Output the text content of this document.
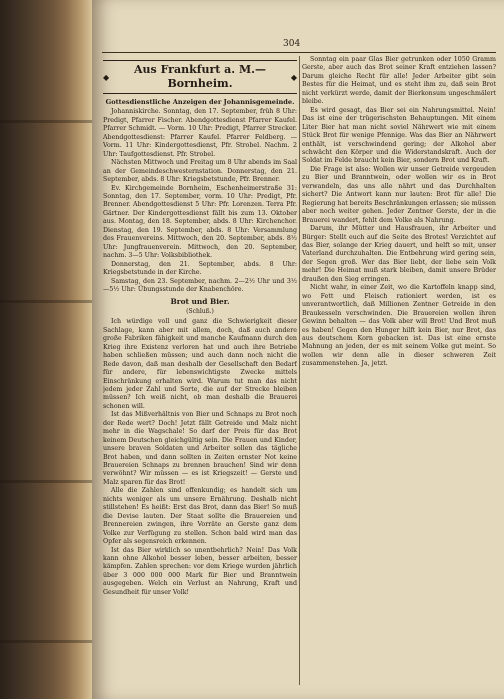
304
◆
Aus Frankfurt a. M.—Bornheim.	◆
Gottesdienstliche Anzeigen der Johannisgemeinde.

Johanniskirche. Sonntag, den 17. September, früh 8 Uhr: Predigt, Pfarrer Fischer. Abendgottesdienst Pfarrer Kaufel. Pfarrer Schmidt. — Vorm. 10 Uhr: Predigt, Pfarrer Strecker. Abendgottesdienst: Pfarrer Kaufel. Pfarrer Feldberg. — Vorm. 11 Uhr: Kindergottesdienst, Pfr. Strobel. Nachm. 2 Uhr: Taufgottesdienst. Pfr. Strobel.

Nächsten Mittwoch und Freitag um 8 Uhr abends im Saal an der Gemeindeschwesternstation. Donnerstag, den 21. September, abds. 8 Uhr: Kriegsbetstunde, Pfr. Brenner.

Ev. Kirchgemeinde Bornheim, Eschenheimerstraße 31: Sonntag, den 17. September, vorm. 10 Uhr: Predigt, Pfr. Brenner. Abendgottesdienst 5 Uhr: Pfr. Lorenzen. Terra Pfr. Gärtner. Der Kindergottesdienst fällt bis zum 13. Oktober aus. Montag, den 18. September, abds. 8 Uhr: Kirchenchor. Dienstag, den 19. September, abds. 8 Uhr: Versammlung des Frauenvereins. Mittwoch, den 20. September, abds. 8½ Uhr: Jungfrauenverein. Mittwoch, den 20. September, nachm. 3—5 Uhr: Volksbibliothek.

Donnerstag, den 21. September, abds. 8 Uhr: Kriegsbetstunde in der Kirche.

Samstag, den 23. September, nachm. 2—2½ Uhr und 3½—5½ Uhr: Übungsstunde der Knabenchöre.

Brot und Bier.
(Schluß.)

Ich würdige voll und ganz die Schwierigkeit dieser Sachlage, kann aber mit allem, doch, daß auch andere große Fabriken fähigkeit und manche Kaufmann durch den Krieg ihre Existenz verloren hat und auch ihre Betriebe haben schließen müssen; und auch dann noch nicht die Rede davon, daß man deshalb der Gesellschaft den Bedarf für andere, für lebenswichtigste Zwecke mittels Einschränkung erhalten wird. Warum tut man das nicht jedem jeder Zahl und Sorte, die auf der Strecke bleiben müssen? Ich weiß nicht, ob man deshalb die Brauerei schonen will.

Ist das Mißverhältnis von Bier und Schnaps zu Brot noch der Rede wert? Doch! Jetzt fällt Getreide und Malz nicht mehr in die Wagschale! So darf der Preis für das Brot keinem Deutschen gleichgültig sein. Die Frauen und Kinder, unsere braven Soldaten und Arbeiter sollen das tägliche Brot haben, und dann sollten in Zeiten ernster Not keine Brauereien Schnaps zu brennen brauchen! Sind wir denn verwöhnt? Wir müssen — es ist Kriegszeit! — Gerste und Malz sparen für das Brot!

Alle die Zahlen sind offenkundig; es handelt sich um nichts weniger als um unsere Ernährung. Deshalb nicht stillstehen! Es heißt: Erst das Brot, dann das Bier! So muß die Devise lauten. Der Staat sollte die Brauereien und Brennereien zwingen, ihre Vorräte an Gerste ganz dem Volke zur Verfügung zu stellen. Schon bald wird man das Opfer als segensreich erkennen.

Ist das Bier wirklich so unentbehrlich? Nein! Das Volk kann ohne Alkohol besser leben, besser arbeiten, besser kämpfen. Zahlen sprechen: vor dem Kriege wurden jährlich über 3 000 000 000 Mark für Bier und Branntwein ausgegeben. Welch ein Verlust an Nahrung, Kraft und Gesundheit für unser Volk!

Sonntag ein paar Glas Bier getrunken oder 1050 Gramm Gerste, aber auch das Brot seiner Kraft entziehen lassen? Darum gleiche Recht für alle! Jeder Arbeiter gibt sein Bestes für die Heimat, und es steht ihm zu, daß sein Brot nicht verkürzt werde, damit der Bierkonsum ungeschmälert bleibe.

Es wird gesagt, das Bier sei ein Nahrungsmittel. Nein! Das ist eine der trügerischsten Behauptungen. Mit einem Liter Bier hat man nicht soviel Nährwert wie mit einem Stück Brot für wenige Pfennige. Was das Bier an Nährwert enthält, ist verschwindend gering; der Alkohol aber schwächt den Körper und die Widerstandskraft. Auch der Soldat im Felde braucht kein Bier, sondern Brot und Kraft.

Die Frage ist also: Wollen wir unser Getreide vergeuden zu Bier und Branntwein, oder wollen wir es in Brot verwandeln, das uns alle nährt und das Durchhalten sichert? Die Antwort kann nur lauten: Brot für alle! Die Regierung hat bereits Beschränkungen erlassen; sie müssen aber noch weiter gehen. Jeder Zentner Gerste, der in die Brauerei wandert, fehlt dem Volke als Nahrung.

Darum, ihr Mütter und Hausfrauen, ihr Arbeiter und Bürger: Stellt euch auf die Seite des Brotes! Verzichtet auf das Bier, solange der Krieg dauert, und helft so mit, unser Vaterland durchzuhalten. Die Entbehrung wird gering sein, der Segen groß. Wer das Bier liebt, der liebe sein Volk mehr! Die Heimat muß stark bleiben, damit unsere Brüder draußen den Sieg erringen.

Nicht wahr, in einer Zeit, wo die Kartoffeln knapp sind, wo Fett und Fleisch rationiert werden, ist es unverantwortlich, daß Millionen Zentner Getreide in den Braukesseln verschwinden. Die Brauereien wollen ihren Gewinn behalten — das Volk aber will Brot! Und Brot muß es haben! Gegen den Hunger hilft kein Bier, nur Brot, das aus deutschem Korn gebacken ist. Das ist eine ernste Mahnung an jeden, der es mit seinem Volke gut meint. So wollen wir denn alle in dieser schweren Zeit zusammenstehen. Ja, jetzt.
